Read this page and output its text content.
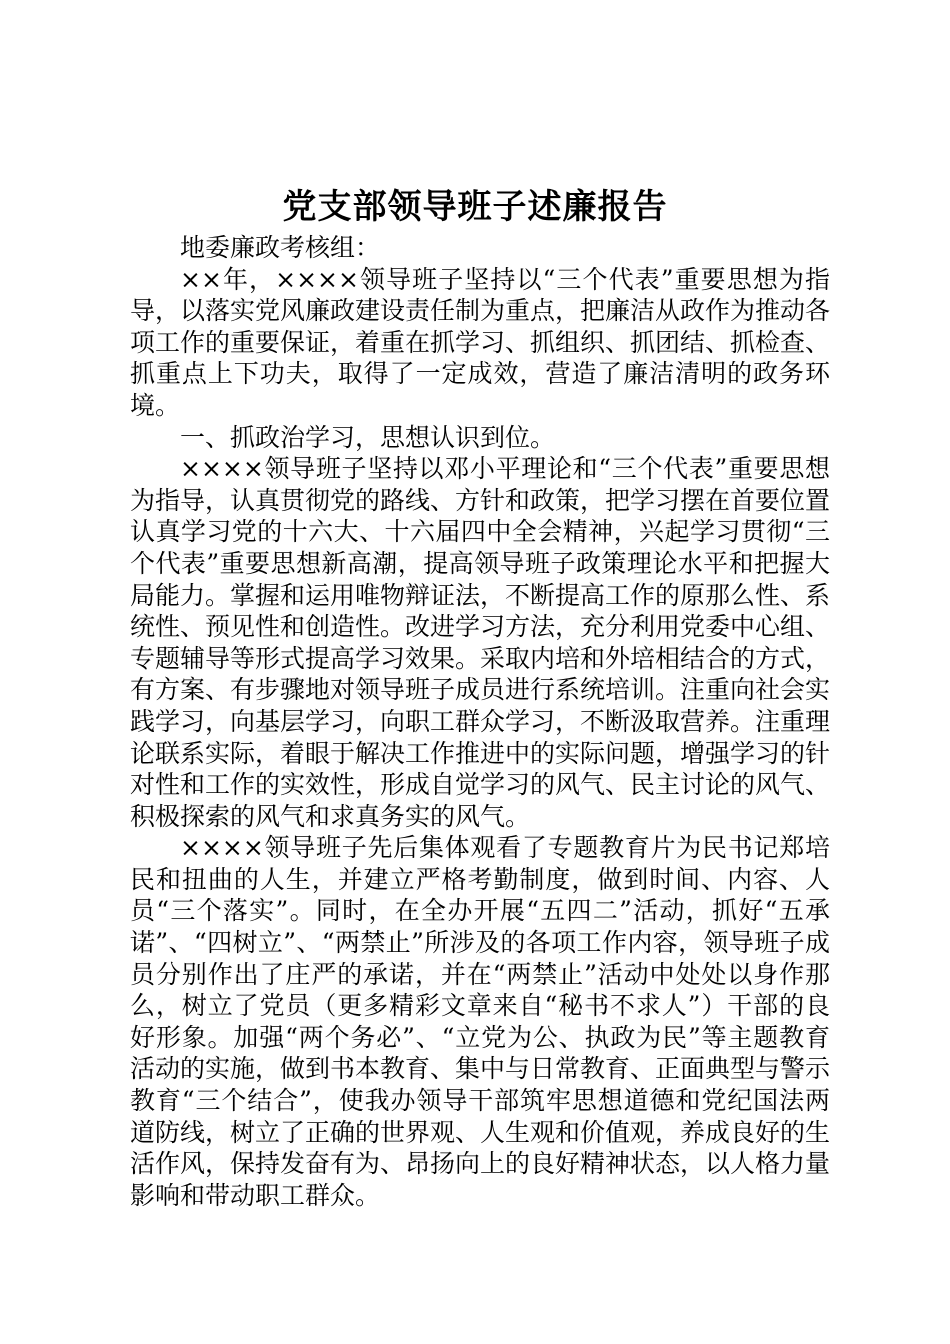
党支部领导班子述廉报告

地委廉政考核组：

××年，××××领导班子坚持以“三个代表”重要思想为指导，以落实党风廉政建设责任制为重点，把廉洁从政作为推动各项工作的重要保证，着重在抓学习、抓组织、抓团结、抓检查、抓重点上下功夫，取得了一定成效，营造了廉洁清明的政务环境。

一、抓政治学习，思想认识到位。

××××领导班子坚持以邓小平理论和“三个代表”重要思想为指导，认真贯彻党的路线、方针和政策，把学习摆在首要位置认真学习党的十六大、十六届四中全会精神，兴起学习贯彻“三个代表”重要思想新高潮，提高领导班子政策理论水平和把握大局能力。掌握和运用唯物辩证法，不断提高工作的原那么性、系统性、预见性和创造性。改进学习方法，充分利用党委中心组、专题辅导等形式提高学习效果。采取内培和外培相结合的方式，有方案、有步骤地对领导班子成员进行系统培训。注重向社会实践学习，向基层学习，向职工群众学习，不断汲取营养。注重理论联系实际，着眼于解决工作推进中的实际问题，增强学习的针对性和工作的实效性，形成自觉学习的风气、民主讨论的风气、积极探索的风气和求真务实的风气。

××××领导班子先后集体观看了专题教育片为民书记郑培民和扭曲的人生，并建立严格考勤制度，做到时间、内容、人员“三个落实”。同时，在全办开展“五四二”活动，抓好“五承诺”、“四树立”、“两禁止”所涉及的各项工作内容，领导班子成员分别作出了庄严的承诺，并在“两禁止”活动中处处以身作那么，树立了党员（更多精彩文章来自“秘书不求人”）干部的良好形象。加强“两个务必”、“立党为公、执政为民”等主题教育活动的实施，做到书本教育、集中与日常教育、正面典型与警示教育“三个结合”，使我办领导干部筑牢思想道德和党纪国法两道防线，树立了正确的世界观、人生观和价值观，养成良好的生活作风，保持发奋有为、昂扬向上的良好精神状态，以人格力量影响和带动职工群众。
